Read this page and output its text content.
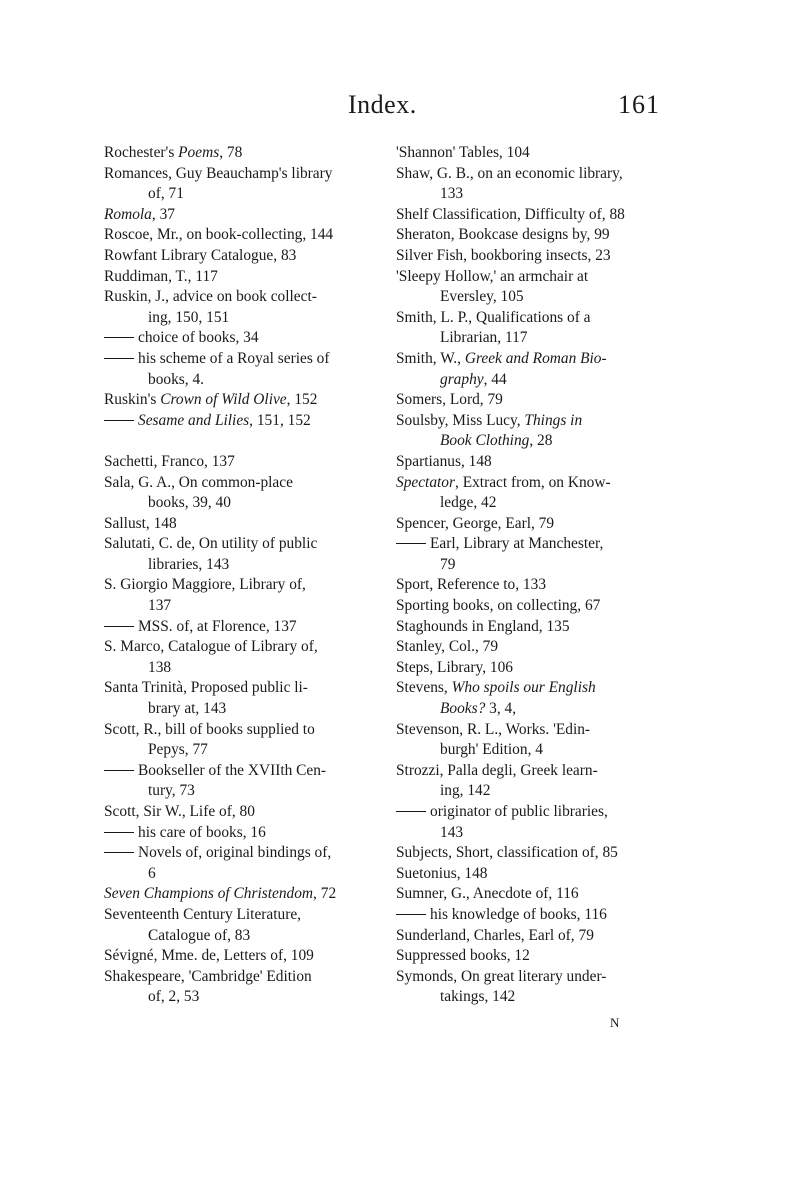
Index.	161
Rochester's Poems, 78
Romances, Guy Beauchamp's library
of, 71
Romola, 37
Roscoe, Mr., on book-collecting, 144
Rowfant Library Catalogue, 83
Ruddiman, T., 117
Ruskin, J., advice on book collect-
ing, 150, 151
choice of books, 34
his scheme of a Royal series of
books, 4.
Ruskin's Crown of Wild Olive, 152
Sesame and Lilies, 151, 152
Sachetti, Franco, 137
Sala, G. A., On common-place
books, 39, 40
Sallust, 148
Salutati, C. de, On utility of public
libraries, 143
S. Giorgio Maggiore, Library of,
137
MSS. of, at Florence, 137
S. Marco, Catalogue of Library of,
138
Santa Trinità, Proposed public li-
brary at, 143
Scott, R., bill of books supplied to
Pepys, 77
Bookseller of the XVIIth Cen-
tury, 73
Scott, Sir W., Life of, 80
his care of books, 16
Novels of, original bindings of,
6
Seven Champions of Christendom, 72
Seventeenth Century Literature,
Catalogue of, 83
Sévigné, Mme. de, Letters of, 109
Shakespeare, 'Cambridge' Edition
of, 2, 53
'Shannon' Tables, 104
Shaw, G. B., on an economic library,
133
Shelf Classification, Difficulty of, 88
Sheraton, Bookcase designs by, 99
Silver Fish, bookboring insects, 23
'Sleepy Hollow,' an armchair at
Eversley, 105
Smith, L. P., Qualifications of a
Librarian, 117
Smith, W., Greek and Roman Bio-
graphy, 44
Somers, Lord, 79
Soulsby, Miss Lucy, Things in
Book Clothing, 28
Spartianus, 148
Spectator, Extract from, on Know-
ledge, 42
Spencer, George, Earl, 79
Earl, Library at Manchester,
79
Sport, Reference to, 133
Sporting books, on collecting, 67
Staghounds in England, 135
Stanley, Col., 79
Steps, Library, 106
Stevens, Who spoils our English
Books? 3, 4,
Stevenson, R. L., Works. 'Edin-
burgh' Edition, 4
Strozzi, Palla degli, Greek learn-
ing, 142
originator of public libraries,
143
Subjects, Short, classification of, 85
Suetonius, 148
Sumner, G., Anecdote of, 116
his knowledge of books, 116
Sunderland, Charles, Earl of, 79
Suppressed books, 12
Symonds, On great literary under-
takings, 142
N
